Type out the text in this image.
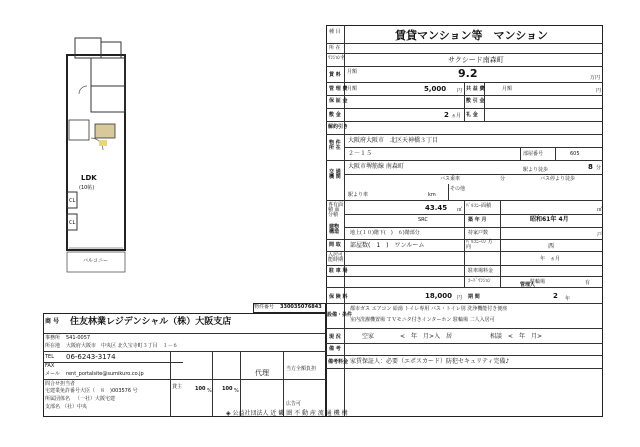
LDK
(10帖)
CL
CL
バルコニー
物件番号 330035076843
商 号 住友林業レジデンシャル（株）大阪支店
事務所 541-0057
所在地 大阪府大阪市　中央区 北久宝寺町３丁目　１－６
TEL 06-6243-3174
FAX
メール rent_portalsite@sumikuro.co.jp
問合せ担当者
宅建業免許番号 大臣（　８　)003576 号
所属団体名 （一社）大阪宅建
支部名 （社）中央
貸主	100 % 100 %
代理	当方全額負担
広告可
種 目	賃貸マンション等　マンション
所 在
ﾏﾝｼｮﾝ名	サクシード南森町
賃 料 月額	9.2	万円
管 理 費 月額	5,000 円 共 益 費	月額	円
保 証 金	敷 引 金
敷 金	2 ヵ月 礼 金
解約引き
物 件 所 在
大阪府大阪市　北区天神橋３丁目
２－１５	部屋番号	605
交 通 機 関
大阪市堺筋線 南森町	駅より徒歩	8 分
バス乗車	分	バス停より徒歩
その他
駅より車	km
専有面積 面分積
43.45 ㎡
ﾊﾞﾙｺﾆｰ面積
㎡
建物構造
SRC	築 年 月	昭和61年 4月
地上(１０)階下(　)　６)階部分	持家戸数	戸
間 取 部屋数(　1　)　ワンルーム	ﾊﾞﾙｺﾆｰの 方 向	西
入居可能時期	年　ヵ月
駐 車 場	駐車場料金
ｺｰﾄﾞﾏﾝｼｮﾝ
管理人
駐輪場	有
保 険 料	18,000 円 期 間	2 年
設備・条件
都市ガス エアコン 給湯 トイレ専用 バス・トイレ別 洗浄機能付き便座
室内洗濯機置場 ＴＶモニタ付きインターホン 駐輪場 二人入居可
現 況	空家	<　年　月>入　居	相談　<　年　月>
備 考
備考料金 家賃保証人：必要（エポスカード）防犯セキュリティ完備♪
◈ 公益社団法人 近 畿 圏 不 動 産 流 通 機 構
